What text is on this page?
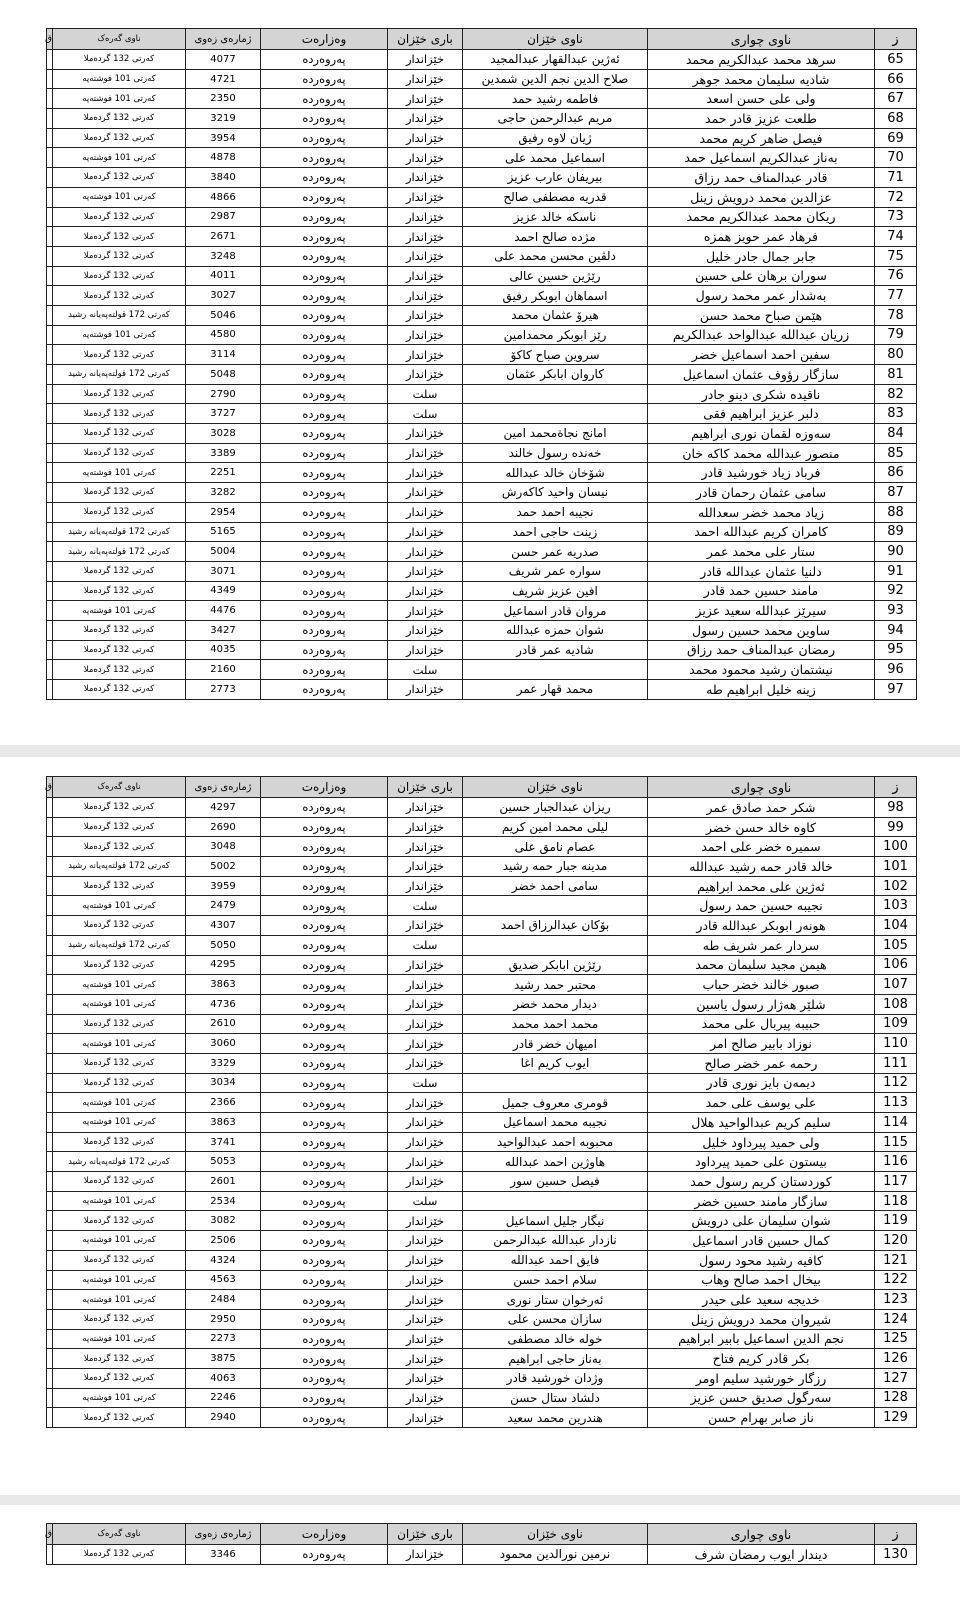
ز	ناوی چواری	ناوی خێزان	باری خێزان	وەزارەت	ژمارەی زەوی	ناوی گەرەک	ق
65	سرهد محمد عبدالکریم محمد	ئەژین عبدالقهار عبدالمجيد	خێزاندار	پەروەردە	4077	کەرتی 132 گردەملا	
66	شادیه سلیمان محمد جوهر	صلاح الدين نجم الدين شمدين	خێزاندار	پەروەردە	4721	کەرتی 101 فوشتەپە	
67	ولی علی حسن اسعد	فاطمه رشید حمد	خێزاندار	پەروەردە	2350	کەرتی 101 فوشتەپە	
68	طلعت عزیز قادر حمد	مریم عبدالرحمن حاجی	خێزاندار	پەروەردە	3219	کەرتی 132 گردەملا	
69	فیصل ضاهر کریم محمد	ژیان لاوه رفیق	خێزاندار	پەروەردە	3954	کەرتی 132 گردەملا	
70	بەناز عبدالکریم اسماعیل حمد	اسماعیل محمد علی	خێزاندار	پەروەردە	4878	کەرتی 101 فوشتەپە	
71	قادر عبدالمناف حمد رزاق	بیریفان عارب عزیز	خێزاندار	پەروەردە	3840	کەرتی 132 گردەملا	
72	عزالدین محمد درویش زینل	قدریه مصطفی صالح	خێزاندار	پەروەردە	4866	کەرتی 101 فوشتەپە	
73	ریکان محمد عبدالکریم محمد	ناسکه خالد عزیز	خێزاندار	پەروەردە	2987	کەرتی 132 گردەملا	
74	فرهاد عمر حویز همزه	مژده صالح احمد	خێزاندار	پەروەردە	2671	کەرتی 132 گردەملا	
75	جابر جمال جادر خلیل	دلڤین محسن محمد علی	خێزاندار	پەروەردە	3248	کەرتی 132 گردەملا	
76	سوران برهان علی حسین	رێژین حسین عالی	خێزاندار	پەروەردە	4011	کەرتی 132 گردەملا	
77	بەشدار عمر محمد رسول	اسماهان ابوبکر رفیق	خێزاندار	پەروەردە	3027	کەرتی 132 گردەملا	
78	هێمن صباح محمد حسن	هیرۆ عثمان محمد	خێزاندار	پەروەردە	5046	کەرتی 172 قولتەپەیانە رشید	
79	زریان عبدالله عبدالواحد عبدالکریم	رێز ابوبکر محمدامین	خێزاندار	پەروەردە	4580	کەرتی 101 فوشتەپە	
80	سفین احمد اسماعیل خضر	سروین صباح کاکۆ	خێزاندار	پەروەردە	3114	کەرتی 132 گردەملا	
81	سازگار رؤوف عثمان اسماعیل	کاروان ابابکر عثمان	خێزاندار	پەروەردە	5048	کەرتی 172 قولتەپەیانە رشید	
82	ناقیده شکری دینو جادر		سلت	پەروەردە	2790	کەرتی 132 گردەملا	
83	دلبر عزیز ابراهیم فقی		سلت	پەروەردە	3727	کەرتی 132 گردەملا	
84	سەوزه لقمان نوری ابراهیم	امانج نجاةمحمد امین	خێزاندار	پەروەردە	3028	کەرتی 132 گردەملا	
85	منصور عبدالله محمد کاکه خان	خەندە رسول خالند	خێزاندار	پەروەردە	3389	کەرتی 132 گردەملا	
86	فرباد زیاد خورشید قادر	شۆخان خالد عبدالله	خێزاندار	پەروەردە	2251	کەرتی 101 فوشتەپە	
87	سامی عثمان رحمان قادر	نیسان واحید کاکەرش	خێزاندار	پەروەردە	3282	کەرتی 132 گردەملا	
88	زیاد محمد خضر سعدالله	نجیبه احمد حمد	خێزاندار	پەروەردە	2954	کەرتی 132 گردەملا	
89	کامران کریم عبدالله احمد	زینت حاجی احمد	خێزاندار	پەروەردە	5165	کەرتی 172 قولتەپەیانە رشید	
90	ستار علی محمد عمر	صدریه عمر حسن	خێزاندار	پەروەردە	5004	کەرتی 172 قولتەپەیانە رشید	
91	دلنیا عثمان عبدالله قادر	سواره عمر شریف	خێزاندار	پەروەردە	3071	کەرتی 132 گردەملا	
92	مامند حسین حمد قادر	افین عزیز شریف	خێزاندار	پەروەردە	4349	کەرتی 132 گردەملا	
93	سیرێز عبدالله سعید عزیز	مروان قادر اسماعیل	خێزاندار	پەروەردە	4476	کەرتی 101 فوشتەپە	
94	ساوین محمد حسین رسول	شوان حمزه عبدالله	خێزاندار	پەروەردە	3427	کەرتی 132 گردەملا	
95	رمضان عبدالمناف حمد رزاق	شادیه عمر قادر	خێزاندار	پەروەردە	4035	کەرتی 132 گردەملا	
96	نیشتمان رشید محمود محمد		سلت	پەروەردە	2160	کەرتی 132 گردەملا	
97	زینه خلیل ابراهیم طه	محمد قهار عمر	خێزاندار	پەروەردە	2773	کەرتی 132 گردەملا	
ز	ناوی چواری	ناوی خێزان	باری خێزان	وەزارەت	ژمارەی زەوی	ناوی گەرەک	ق
98	شکر حمد صادق عمر	ریزان عبدالجبار حسین	خێزاندار	پەروەردە	4297	کەرتی 132 گردەملا	
99	کاوه خالد حسن خضر	لیلی محمد امین کریم	خێزاندار	پەروەردە	2690	کەرتی 132 گردەملا	
100	سمیره خضر علی احمد	عصام نامق علی	خێزاندار	پەروەردە	3048	کەرتی 132 گردەملا	
101	خالد قادر حمه رشید عبدالله	مدینه جبار حمه رشید	خێزاندار	پەروەردە	5002	کەرتی 172 قولتەپەیانە رشید	
102	ئەژین علی محمد ابراهیم	سامی احمد خضر	خێزاندار	پەروەردە	3959	کەرتی 132 گردەملا	
103	نجیبه حسین حمد رسول		سلت	پەروەردە	2479	کەرتی 101 فوشتەپە	
104	هونەر ابوبکر عبدالله قادر	بۆکان عبدالرزاق احمد	خێزاندار	پەروەردە	4307	کەرتی 132 گردەملا	
105	سردار عمر شریف طه		سلت	پەروەردە	5050	کەرتی 172 قولتەپەیانە رشید	
106	هیمن مجید سلیمان محمد	رێژین ابابکر صدیق	خێزاندار	پەروەردە	4295	کەرتی 132 گردەملا	
107	صبور خالند خضر حباب	محتبر حمد رشید	خێزاندار	پەروەردە	3863	کەرتی 101 فوشتەپە	
108	شلێر هەژار رسول یاسین	دیدار محمد خضر	خێزاندار	پەروەردە	4736	کەرتی 101 فوشتەپە	
109	حبیبه پیربال علی محمد	محمد احمد محمد	خێزاندار	پەروەردە	2610	کەرتی 132 گردەملا	
110	نوزاد بابیر صالح امر	امیهان خضر قادر	خێزاندار	پەروەردە	3060	کەرتی 101 فوشتەپە	
111	رحمه عمر خضر صالح	ایوب کریم اغا	خێزاندار	پەروەردە	3329	کەرتی 132 گردەملا	
112	دیمەن بایز نوری قادر		سلت	پەروەردە	3034	کەرتی 132 گردەملا	
113	علی یوسف علی حمد	قومری معروف جمیل	خێزاندار	پەروەردە	2366	کەرتی 101 فوشتەپە	
114	سلیم کریم عبدالواحید هلال	نجیبه محمد اسماعیل	خێزاندار	پەروەردە	3863	کەرتی 101 فوشتەپە	
115	ولی حمید پیرداود خلیل	محبوبه احمد عبدالواحید	خێزاندار	پەروەردە	3741	کەرتی 132 گردەملا	
116	بیستون علی حمید پیرداود	هاوژین احمد عبدالله	خێزاندار	پەروەردە	5053	کەرتی 172 قولتەپەیانە رشید	
117	کوردستان کریم رسول حمد	فیصل حسین سور	خێزاندار	پەروەردە	2601	کەرتی 132 گردەملا	
118	سازگار مامند حسین خضر		سلت	پەروەردە	2534	کەرتی 101 فوشتەپە	
119	شوان سلیمان علی درویش	نیگار جلیل اسماعیل	خێزاندار	پەروەردە	3082	کەرتی 132 گردەملا	
120	کمال حسین قادر اسماعیل	نازدار عبدالله عبدالرحمن	خێزاندار	پەروەردە	2506	کەرتی 101 فوشتەپە	
121	کافیه رشید محود رسول	فایق احمد عبدالله	خێزاندار	پەروەردە	4324	کەرتی 132 گردەملا	
122	بیخال احمد صالح وهاب	سلام احمد حسن	خێزاندار	پەروەردە	4563	کەرتی 101 فوشتەپە	
123	خدیجه سعید علی حیدر	ئەرخوان ستار نوری	خێزاندار	پەروەردە	2484	کەرتی 101 فوشتەپە	
124	شیروان محمد درویش زینل	سازان محسن علی	خێزاندار	پەروەردە	2950	کەرتی 132 گردەملا	
125	نجم الدین اسماعیل بابیر ابراهیم	خوله خالد مصطفی	خێزاندار	پەروەردە	2273	کەرتی 101 فوشتەپە	
126	بکر قادر کریم فتاح	بەناز حاجی ابراهیم	خێزاندار	پەروەردە	3875	کەرتی 132 گردەملا	
127	رزگار خورشید سلیم اومر	وژدان خورشید قادر	خێزاندار	پەروەردە	4063	کەرتی 132 گردەملا	
128	سەرگول صدیق حسن عزیز	دلشاد ستال حسن	خێزاندار	پەروەردە	2246	کەرتی 101 فوشتەپە	
129	ناز صابر بهرام حسن	هندرین محمد سعید	خێزاندار	پەروەردە	2940	کەرتی 132 گردەملا	
ز	ناوی چواری	ناوی خێزان	باری خێزان	وەزارەت	ژمارەی زەوی	ناوی گەرەک	ق
130	دیندار ایوب رمضان شرف	نرمین نورالدین محمود	خێزاندار	پەروەردە	3346	کەرتی 132 گردەملا	
